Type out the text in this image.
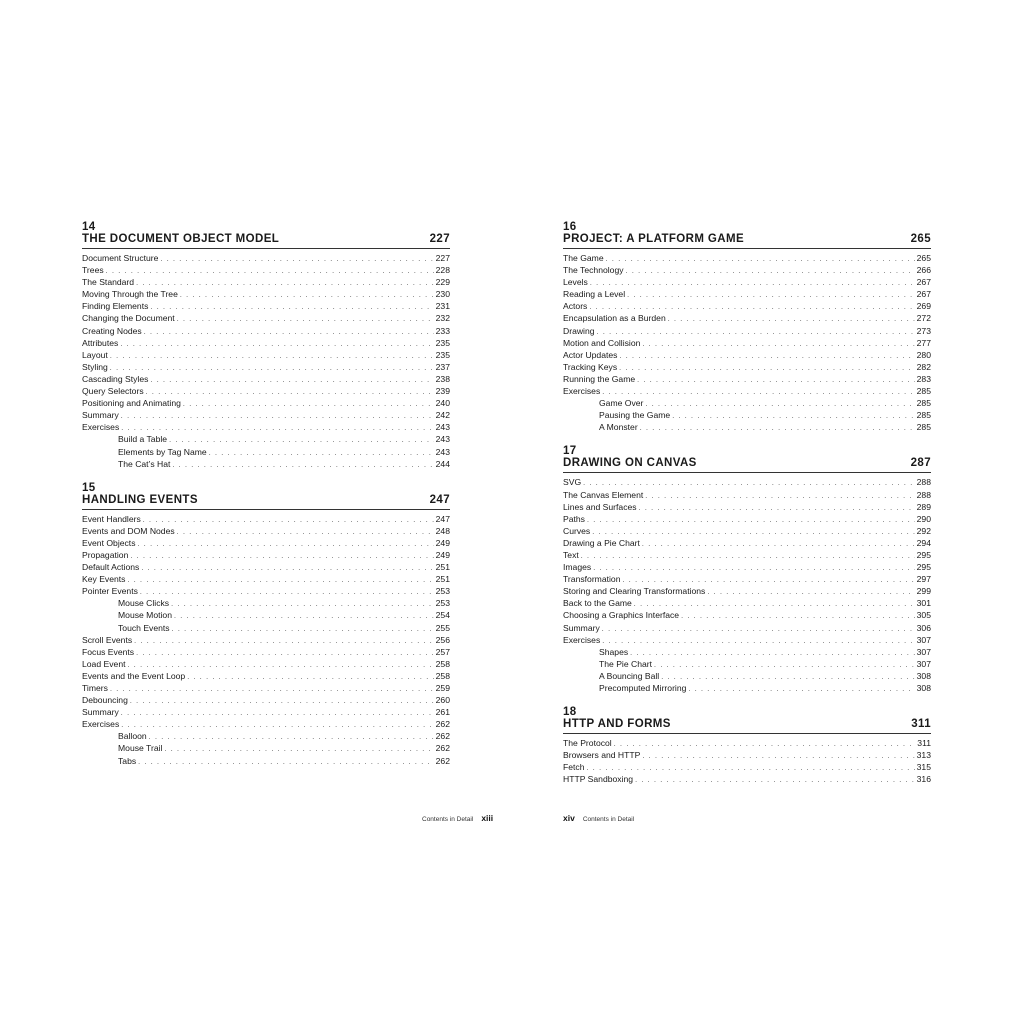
14
THE DOCUMENT OBJECT MODEL	227
Document Structure . . .	227
Trees . . .	228
The Standard . . .	229
Moving Through the Tree . . .	230
Finding Elements . . .	231
Changing the Document . . .	232
Creating Nodes . . .	233
Attributes . . .	235
Layout . . .	235
Styling . . .	237
Cascading Styles . . .	238
Query Selectors . . .	239
Positioning and Animating . . .	240
Summary . . .	242
Exercises . . .	243
Build a Table . . .	243
Elements by Tag Name . . .	243
The Cat’s Hat . . .	244
15
HANDLING EVENTS	247
Event Handlers . . .	247
Events and DOM Nodes . . .	248
Event Objects . . .	249
Propagation . . .	249
Default Actions . . .	251
Key Events . . .	251
Pointer Events . . .	253
Mouse Clicks . . .	253
Mouse Motion . . .	254
Touch Events . . .	255
Scroll Events . . .	256
Focus Events . . .	257
Load Event . . .	258
Events and the Event Loop . . .	258
Timers . . .	259
Debouncing . . .	260
Summary . . .	261
Exercises . . .	262
Balloon . . .	262
Mouse Trail . . .	262
Tabs . . .	262
16
PROJECT: A PLATFORM GAME	265
The Game . . .	265
The Technology . . .	266
Levels . . .	267
Reading a Level . . .	267
Actors . . .	269
Encapsulation as a Burden . . .	272
Drawing . . .	273
Motion and Collision . . .	277
Actor Updates . . .	280
Tracking Keys . . .	282
Running the Game . . .	283
Exercises . . .	285
Game Over . . .	285
Pausing the Game . . .	285
A Monster . . .	285
17
DRAWING ON CANVAS	287
SVG . . .	288
The Canvas Element . . .	288
Lines and Surfaces . . .	289
Paths . . .	290
Curves . . .	292
Drawing a Pie Chart . . .	294
Text . . .	295
Images . . .	295
Transformation . . .	297
Storing and Clearing Transformations . . .	299
Back to the Game . . .	301
Choosing a Graphics Interface . . .	305
Summary . . .	306
Exercises . . .	307
Shapes . . .	307
The Pie Chart . . .	307
A Bouncing Ball . . .	308
Precomputed Mirroring . . .	308
18
HTTP AND FORMS	311
The Protocol . . .	311
Browsers and HTTP . . .	313
Fetch . . .	315
HTTP Sandboxing . . .	316
Contents in Detail xiii	xiv Contents in Detail
